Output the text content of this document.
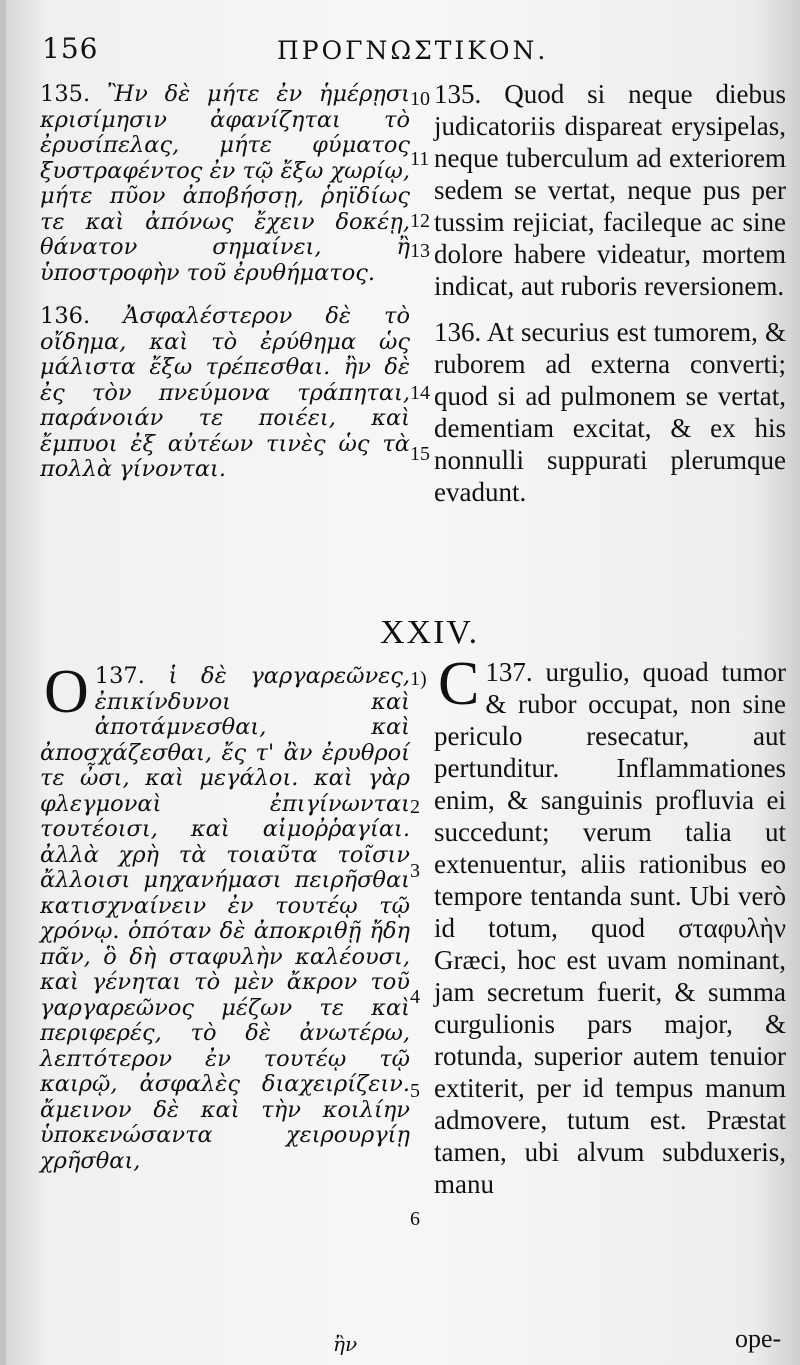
156	ΠΡΟΓΝΩΣΤΙΚΟΝ.

135. Ἢν δὲ μήτε ἐν ἡμέρῃσι κρισίμησιν ἀφανίζηται τὸ ἐρυσίπελας, μήτε φύματος ξυστραφέντος ἐν τῷ ἔξω χωρίῳ, μήτε πῦον ἀποβήσσῃ, ῥηϊδίως τε καὶ ἀπόνως ἔχειν δοκέῃ, θάνατον σημαίνει, ἢ ὑποστροφὴν τοῦ ἐρυθήματος.

136. Ἀσφαλέστερον δὲ τὸ οἴδημα, καὶ τὸ ἐρύθημα ὡς μάλιστα ἔξω τρέπεσθαι. ἢν δὲ ἐς τὸν πνεύμονα τράπηται, παράνοιάν τε ποιέει, καὶ ἔμπυοι ἐξ αὐτέων τινὲς ὡς τὰ πολλὰ γίνονται.

135. Quod si neque diebus judicatoriis dispareat erysipelas, neque tuberculum ad exteriorem sedem se vertat, neque pus per tussim rejiciat, facileque ac sine dolore habere videatur, mortem indicat, aut ruboris reversionem.

136. At securius est tumorem, & ruborem ad externa converti; quod si ad pulmonem se vertat, dementiam excitat, & ex his nonnulli suppurati plerumque evadunt.

10
11
12
13
14
15
XXIV.

137.
O	ἱ δὲ γαργαρεῶνες, ἐπικίνδυνοι καὶ ἀποτάμνεσθαι, καὶ ἀποσχάζεσθαι, ἔς τ' ἂν ἐρυθροί τε ὦσι, καὶ μεγάλοι. καὶ γὰρ φλεγμοναὶ ἐπιγίνωνται τουτέοισι, καὶ αἱμοῤῥαγίαι. ἀλλὰ χρὴ τὰ τοιαῦτα τοῖσιν ἄλλοισι μηχανήμασι πειρῆσθαι κατισχναίνειν ἐν τουτέῳ τῷ χρόνῳ. ὁπόταν δὲ ἀποκριθῇ ἤδη πᾶν, ὃ δὴ σταφυλὴν καλέουσι, καὶ γένηται τὸ μὲν ἄκρον τοῦ γαργαρεῶνος μέζων τε καὶ περιφερές, τὸ δὲ ἀνωτέρω, λεπτότερον ἐν τουτέῳ τῷ καιρῷ, ἀσφαλὲς διαχειρίζειν. ἄμεινον δὲ καὶ τὴν κοιλίην ὑποκενώσαντα χειρουργίῃ χρῆσθαι,

137.
C urgulio, quoad tumor & rubor occupat, non sine periculo resecatur, aut pertunditur. Inflammationes enim, & sanguinis profluvia ei succedunt; verum talia ut extenuentur, aliis rationibus eo tempore tentanda sunt. Ubi verò id totum, quod σταφυλὴν Græci, hoc est uvam nominant, jam secretum fuerit, & summa curgulionis pars major, & rotunda, superior autem tenuior extiterit, per id tempus manum admovere, tutum est. Præstat tamen, ubi alvum subduxeris, manu

1)
2
3
4
5
6
ἢν	ope-
